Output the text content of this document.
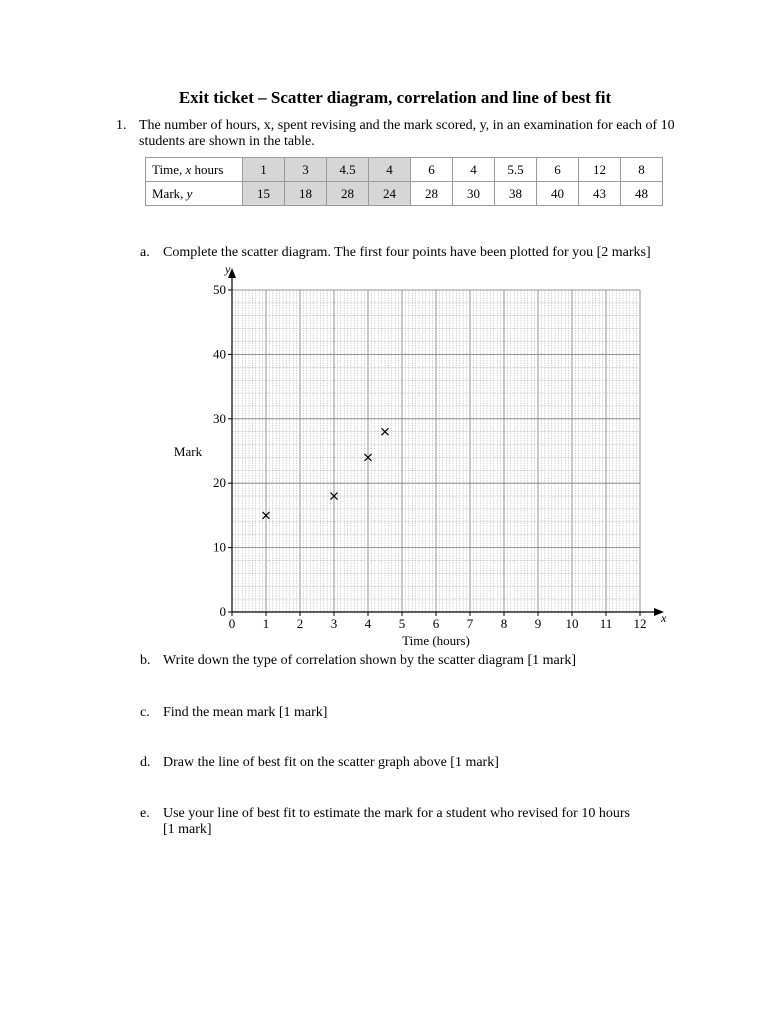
Exit ticket – Scatter diagram, correlation and line of best fit
1. The number of hours, x, spent revising and the mark scored, y, in an examination for each of 10 students are shown in the table.
Time, x hours	1	3	4.5	4	6	4	5.5	6	12	8
Mark, y	15	18	28	24	28	30	38	40	43	48
a. Complete the scatter diagram. The first four points have been plotted for you [2 marks]
x
y
0 1 2 3 4 5 6 7 8 9 10 11 12
0
10
20
30
40
50
Time (hours)
Mark
b. Write down the type of correlation shown by the scatter diagram [1 mark]
c. Find the mean mark [1 mark]
d. Draw the line of best fit on the scatter graph above [1 mark]
e. Use your line of best fit to estimate the mark for a student who revised for 10 hours [1 mark]
